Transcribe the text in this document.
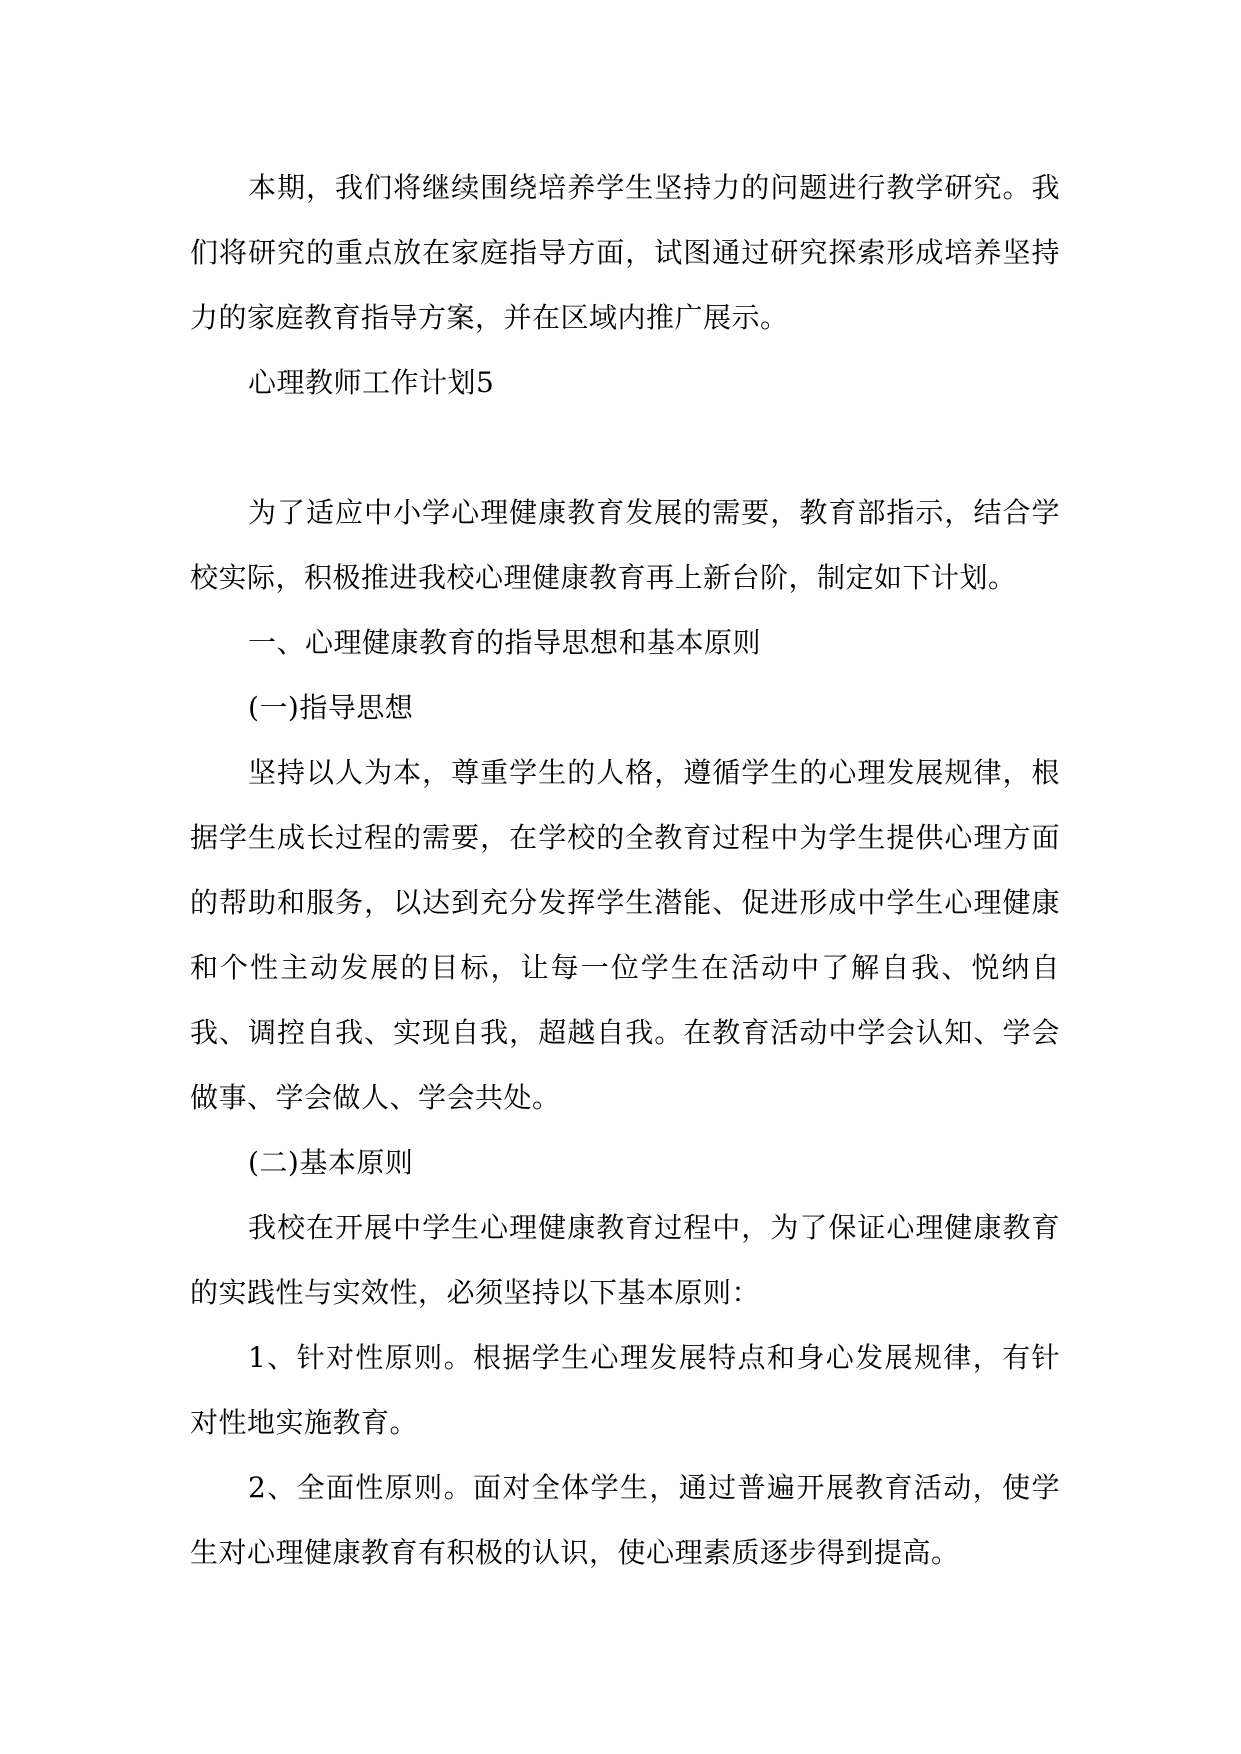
本期，我们将继续围绕培养学生坚持力的问题进行教学研究。我们将研究的重点放在家庭指导方面，试图通过研究探索形成培养坚持力的家庭教育指导方案，并在区域内推广展示。

心理教师工作计划5

为了适应中小学心理健康教育发展的需要，教育部指示，结合学校实际，积极推进我校心理健康教育再上新台阶，制定如下计划。

一、心理健康教育的指导思想和基本原则

(一)指导思想

坚持以人为本，尊重学生的人格，遵循学生的心理发展规律，根据学生成长过程的需要，在学校的全教育过程中为学生提供心理方面的帮助和服务，以达到充分发挥学生潜能、促进形成中学生心理健康和个性主动发展的目标，让每一位学生在活动中了解自我、悦纳自我、调控自我、实现自我，超越自我。在教育活动中学会认知、学会做事、学会做人、学会共处。

(二)基本原则

我校在开展中学生心理健康教育过程中，为了保证心理健康教育的实践性与实效性，必须坚持以下基本原则：

1、针对性原则。根据学生心理发展特点和身心发展规律，有针对性地实施教育。

2、全面性原则。面对全体学生，通过普遍开展教育活动，使学生对心理健康教育有积极的认识，使心理素质逐步得到提高。
